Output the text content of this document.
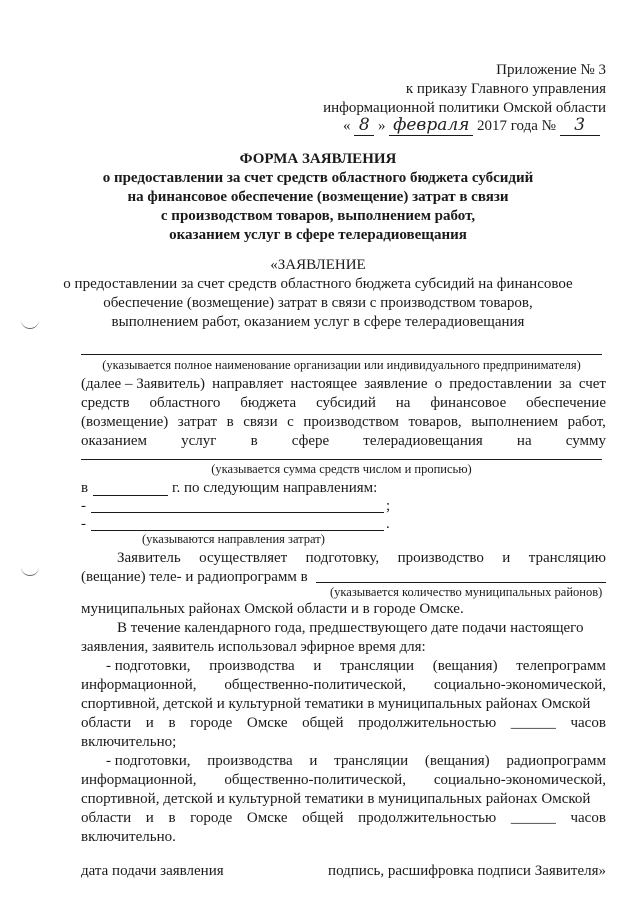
Приложение № 3
к приказу Главного управления
информационной политики Омской области
« 8 » февраля 2017 года № 3
ФОРМА ЗАЯВЛЕНИЯ
о предоставлении за счет средств областного бюджета субсидий
на финансовое обеспечение (возмещение) затрат в связи
с производством товаров, выполнением работ,
оказанием услуг в сфере телерадиовещания
«ЗАЯВЛЕНИЕ
о предоставлении за счет средств областного бюджета субсидий на финансовое
обеспечение (возмещение) затрат в связи с производством товаров,
выполнением работ, оказанием услуг в сфере телерадиовещания
(указывается полное наименование организации или индивидуального предпринимателя)
(далее – Заявитель) направляет настоящее заявление о предоставлении за счет
средств областного бюджета субсидий на финансовое обеспечение
(возмещение) затрат в связи с производством товаров, выполнением работ,
оказанием услуг в сфере телерадиовещания на сумму
(указывается сумма средств числом и прописью)
в	г. по следующим направлениям:
-	;
-	.
(указываются направления затрат)
Заявитель осуществляет подготовку, производство и трансляцию
(вещание) теле- и радиопрограмм в
(указывается количество муниципальных районов)
муниципальных районах Омской области и в городе Омске.
В течение календарного года, предшествующего дате подачи настоящего
заявления, заявитель использовал эфирное время для:
- подготовки, производства и трансляции (вещания) телепрограмм
информационной, общественно-политической, социально-экономической,
спортивной, детской и культурной тематики в муниципальных районах Омской
области и в городе Омске общей продолжительностью ______ часов
включительно;
- подготовки, производства и трансляции (вещания) радиопрограмм
информационной, общественно-политической, социально-экономической,
спортивной, детской и культурной тематики в муниципальных районах Омской
области и в городе Омске общей продолжительностью ______ часов
включительно.
дата подачи заявления	подпись, расшифровка подписи Заявителя»
